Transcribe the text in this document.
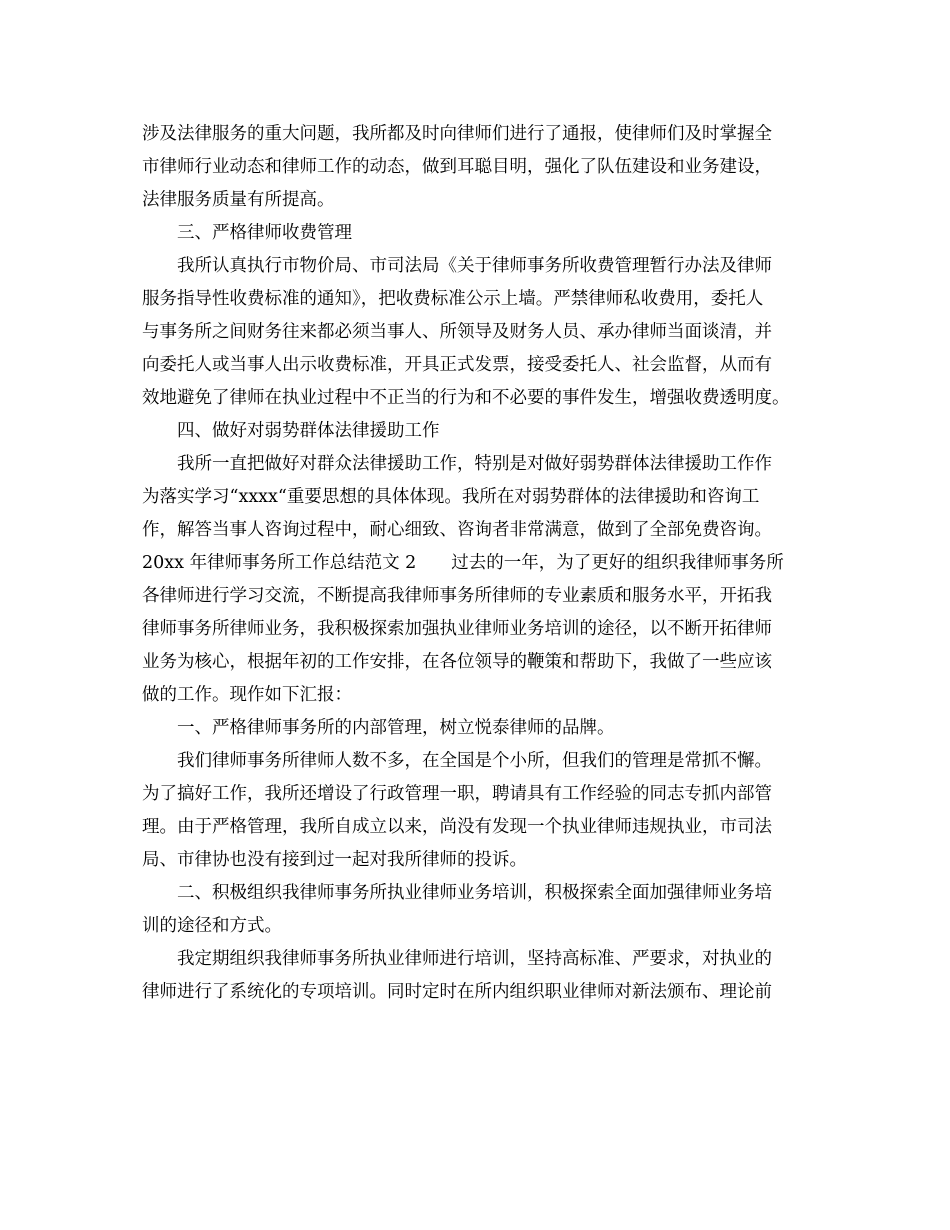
涉及法律服务的重大问题，我所都及时向律师们进行了通报，使律师们及时掌握全
市律师行业动态和律师工作的动态，做到耳聪目明，强化了队伍建设和业务建设，
法律服务质量有所提高。
三、严格律师收费管理
我所认真执行市物价局、市司法局《关于律师事务所收费管理暂行办法及律师
服务指导性收费标准的通知》，把收费标准公示上墙。严禁律师私收费用，委托人
与事务所之间财务往来都必须当事人、所领导及财务人员、承办律师当面谈清，并
向委托人或当事人出示收费标准，开具正式发票，接受委托人、社会监督，从而有
效地避免了律师在执业过程中不正当的行为和不必要的事件发生，增强收费透明度。
四、做好对弱势群体法律援助工作
我所一直把做好对群众法律援助工作，特别是对做好弱势群体法律援助工作作
为落实学习“xxxx“重要思想的具体体现。我所在对弱势群体的法律援助和咨询工
作，解答当事人咨询过程中，耐心细致、咨询者非常满意，做到了全部免费咨询。
20xx 年律师事务所工作总结范文 2　　过去的一年，为了更好的组织我律师事务所
各律师进行学习交流，不断提高我律师事务所律师的专业素质和服务水平，开拓我
律师事务所律师业务，我积极探索加强执业律师业务培训的途径，以不断开拓律师
业务为核心，根据年初的工作安排，在各位领导的鞭策和帮助下，我做了一些应该
做的工作。现作如下汇报：
一、严格律师事务所的内部管理，树立悦泰律师的品牌。
我们律师事务所律师人数不多，在全国是个小所，但我们的管理是常抓不懈。
为了搞好工作，我所还增设了行政管理一职，聘请具有工作经验的同志专抓内部管
理。由于严格管理，我所自成立以来，尚没有发现一个执业律师违规执业，市司法
局、市律协也没有接到过一起对我所律师的投诉。
二、积极组织我律师事务所执业律师业务培训，积极探索全面加强律师业务培
训的途径和方式。
我定期组织我律师事务所执业律师进行培训，坚持高标准、严要求，对执业的
律师进行了系统化的专项培训。同时定时在所内组织职业律师对新法颁布、理论前
